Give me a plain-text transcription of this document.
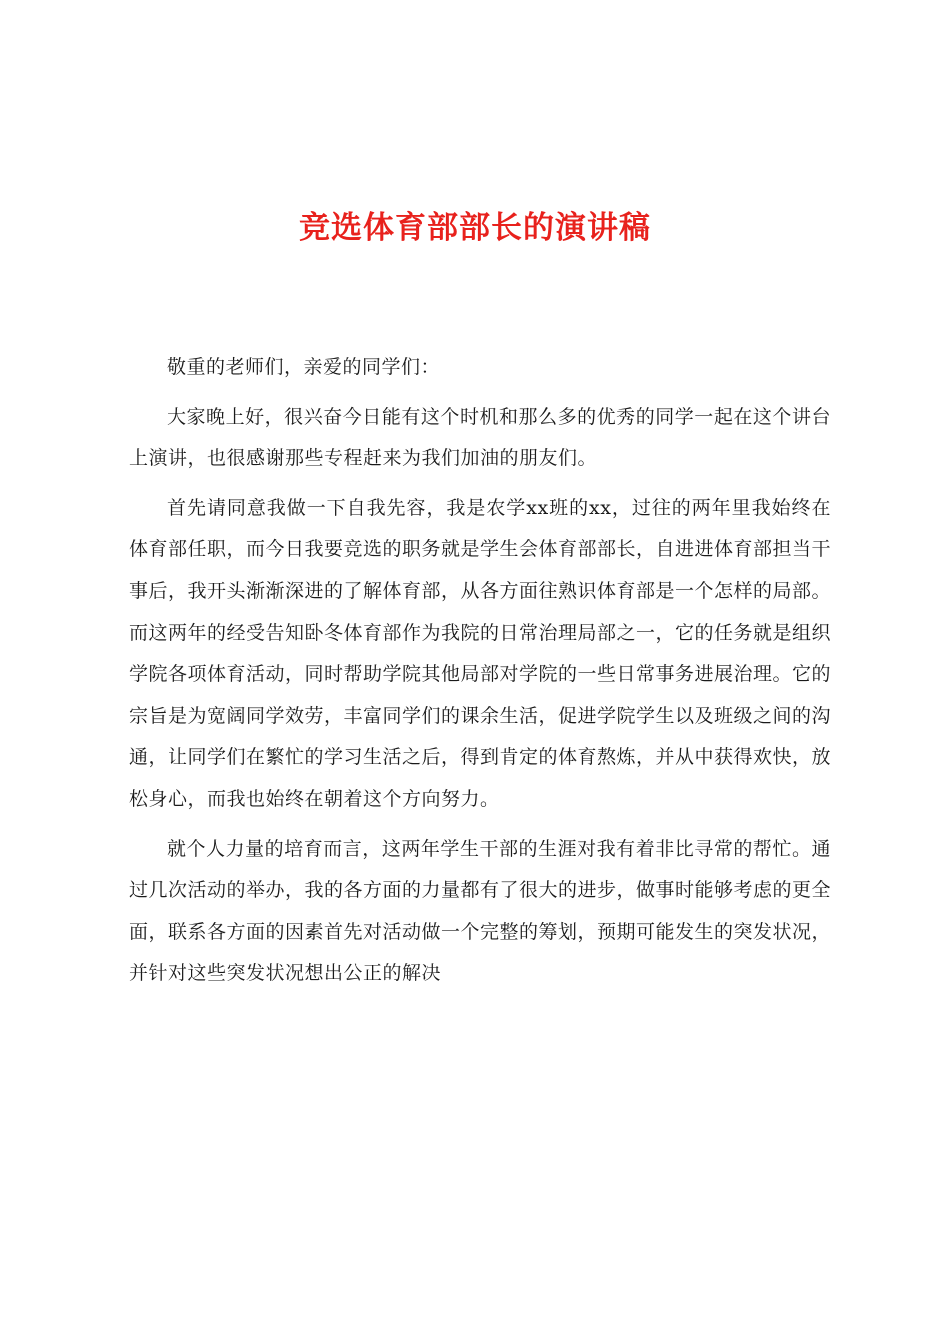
竞选体育部部长的演讲稿

敬重的老师们，亲爱的同学们：

大家晚上好，很兴奋今日能有这个时机和那么多的优秀的同学一起在这个讲台上演讲，也很感谢那些专程赶来为我们加油的朋友们。

首先请同意我做一下自我先容，我是农学xx班的xx，过往的两年里我始终在体育部任职，而今日我要竞选的职务就是学生会体育部部长，自进进体育部担当干事后，我开头渐渐深进的了解体育部，从各方面往熟识体育部是一个怎样的局部。而这两年的经受告知卧冬体育部作为我院的日常治理局部之一，它的任务就是组织学院各项体育活动，同时帮助学院其他局部对学院的一些日常事务进展治理。它的宗旨是为宽阔同学效劳，丰富同学们的课余生活，促进学院学生以及班级之间的沟通，让同学们在繁忙的学习生活之后，得到肯定的体育熬炼，并从中获得欢快，放松身心，而我也始终在朝着这个方向努力。

就个人力量的培育而言，这两年学生干部的生涯对我有着非比寻常的帮忙。通过几次活动的举办，我的各方面的力量都有了很大的进步，做事时能够考虑的更全面，联系各方面的因素首先对活动做一个完整的筹划，预期可能发生的突发状况，并针对这些突发状况想出公正的解决
